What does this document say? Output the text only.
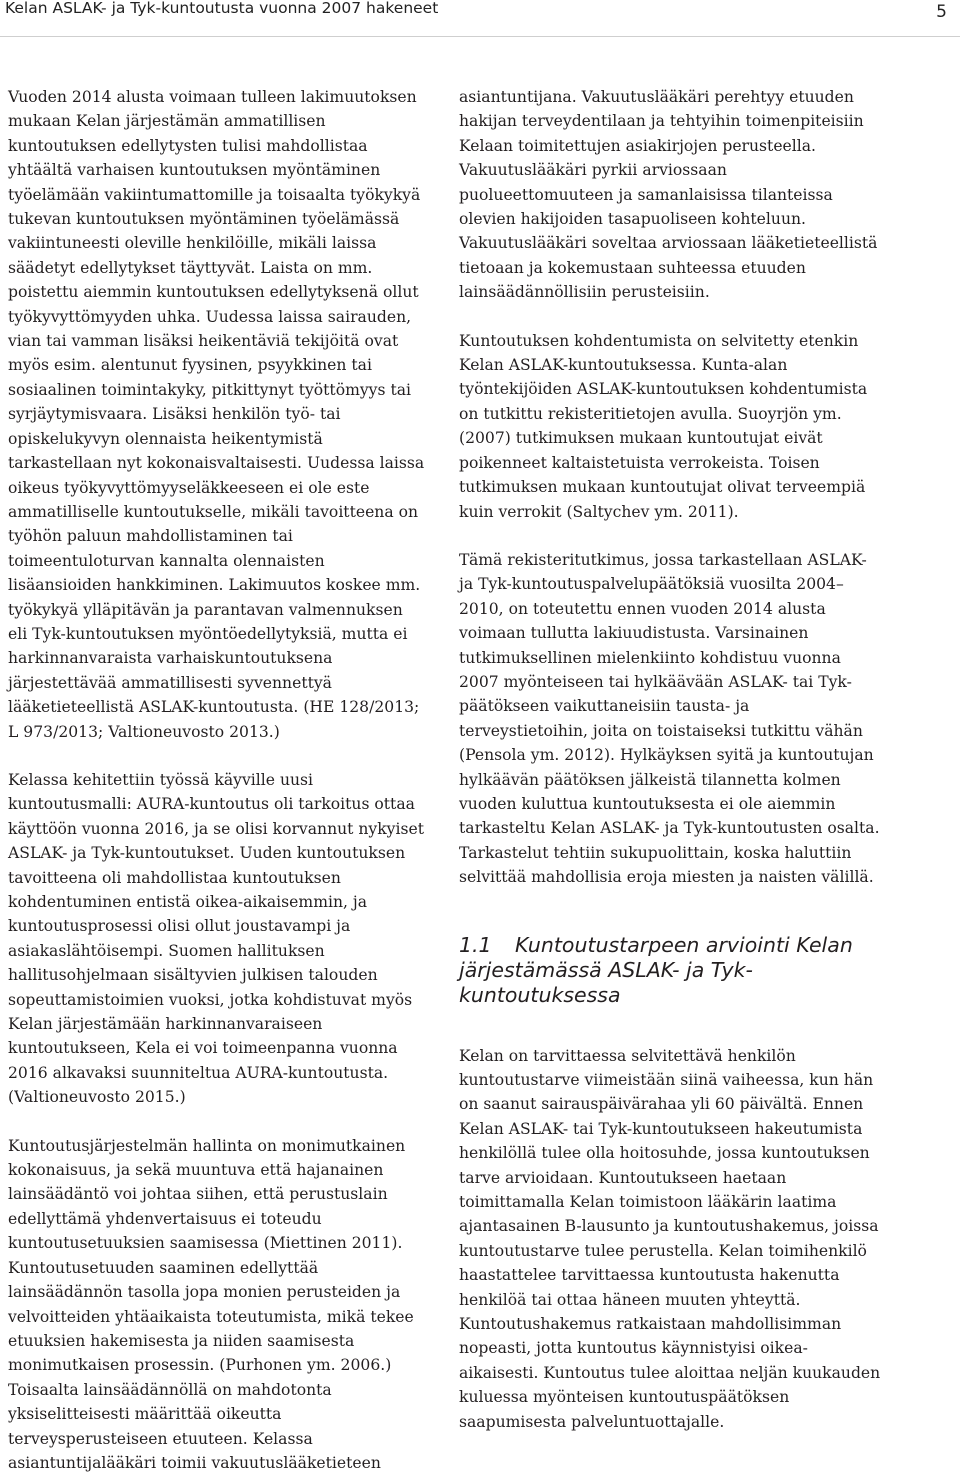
Kelan ASLAK- ja Tyk-kuntoutusta vuonna 2007 hakeneet	5

Vuoden 2014 alusta voimaan tulleen lakimuutoksen mukaan Kelan järjestämän ammatillisen kuntoutuksen edellytysten tulisi mahdollistaa yhtäältä varhaisen kuntoutuksen myöntäminen työelämään vakiintumattomille ja toisaalta työkykyä tukevan kuntoutuksen myöntäminen työelämässä vakiintuneesti oleville henkilöille, mikäli laissa säädetyt edellytykset täyttyvät. Laista on mm. poistettu aiemmin kuntoutuksen edellytyksenä ollut työkyvyttömyyden uhka. Uudessa laissa sairauden, vian tai vamman lisäksi heikentäviä tekijöitä ovat myös esim. alentunut fyysinen, psyykkinen tai sosiaalinen toimintakyky, pitkittynyt työttömyys tai syrjäytymisvaara. Lisäksi henkilön työ- tai opiskelukyvyn olennaista heikentymistä tarkastellaan nyt kokonaisvaltaisesti. Uudessa laissa oikeus työkyvyttömyyseläkkeeseen ei ole este ammatilliselle kuntoutukselle, mikäli tavoitteena on työhön paluun mahdollistaminen tai toimeentuloturvan kannalta olennaisten lisäansioiden hankkiminen. Lakimuutos koskee mm. työkykyä ylläpitävän ja parantavan valmennuksen eli Tyk-kuntoutuksen myöntöedellytyksiä, mutta ei harkinnanvaraista varhaiskuntoutuksena järjestettävää ammatillisesti syvennettyä lääketieteellistä ASLAK-kuntoutusta. (HE 128/2013; L 973/2013; Valtioneuvosto 2013.)

Kelassa kehitettiin työssä käyville uusi kuntoutusmalli: AURA-kuntoutus oli tarkoitus ottaa käyttöön vuonna 2016, ja se olisi korvannut nykyiset ASLAK- ja Tyk-kuntoutukset. Uuden kuntoutuksen tavoitteena oli mahdollistaa kuntoutuksen kohdentuminen entistä oikea-aikaisemmin, ja kuntoutusprosessi olisi ollut joustavampi ja asiakaslähtöisempi. Suomen hallituksen hallitusohjelmaan sisältyvien julkisen talouden sopeuttamistoimien vuoksi, jotka kohdistuvat myös Kelan järjestämään harkinnanvaraiseen kuntoutukseen, Kela ei voi toimeenpanna vuonna 2016 alkavaksi suunniteltua AURA-kuntoutusta. (Valtioneuvosto 2015.)

Kuntoutusjärjestelmän hallinta on monimutkainen kokonaisuus, ja sekä muuntuva että hajanainen lainsäädäntö voi johtaa siihen, että perustuslain edellyttämä yhdenvertaisuus ei toteudu kuntoutusetuuksien saamisessa (Miettinen 2011). Kuntoutusetuuden saaminen edellyttää lainsäädännön tasolla jopa monien perusteiden ja velvoitteiden yhtäaikaista toteutumista, mikä tekee etuuksien hakemisesta ja niiden saamisesta monimutkaisen prosessin. (Purhonen ym. 2006.) Toisaalta lainsäädännöllä on mahdotonta yksiselitteisesti määrittää oikeutta terveysperusteiseen etuuteen. Kelassa asiantuntijalääkäri toimii vakuutuslääketieteen

asiantuntijana. Vakuutuslääkäri perehtyy etuuden hakijan terveydentilaan ja tehtyihin toimenpiteisiin Kelaan toimitettujen asiakirjojen perusteella. Vakuutuslääkäri pyrkii arviossaan puolueettomuuteen ja samanlaisissa tilanteissa olevien hakijoiden tasapuoliseen kohteluun. Vakuutuslääkäri soveltaa arviossaan lääketieteellistä tietoaan ja kokemustaan suhteessa etuuden lainsäädännöllisiin perusteisiin.

Kuntoutuksen kohdentumista on selvitetty etenkin Kelan ASLAK-kuntoutuksessa. Kunta-alan työntekijöiden ASLAK-kuntoutuksen kohdentumista on tutkittu rekisteritietojen avulla. Suoyrjön ym. (2007) tutkimuksen mukaan kuntoutujat eivät poikenneet kaltaistetuista verrokeista. Toisen tutkimuksen mukaan kuntoutujat olivat terveempiä kuin verrokit (Saltychev ym. 2011).

Tämä rekisteritutkimus, jossa tarkastellaan ASLAK- ja Tyk-kuntoutuspalvelupäätöksiä vuosilta 2004–2010, on toteutettu ennen vuoden 2014 alusta voimaan tullutta lakiuudistusta. Varsinainen tutkimuksellinen mielenkiinto kohdistuu vuonna 2007 myönteiseen tai hylkäävään ASLAK- tai Tyk-päätökseen vaikuttaneisiin tausta- ja terveystietoihin, joita on toistaiseksi tutkittu vähän (Pensola ym. 2012). Hylkäyksen syitä ja kuntoutujan hylkäävän päätöksen jälkeistä tilannetta kolmen vuoden kuluttua kuntoutuksesta ei ole aiemmin tarkasteltu Kelan ASLAK- ja Tyk-kuntoutusten osalta. Tarkastelut tehtiin sukupuolittain, koska haluttiin selvittää mahdollisia eroja miesten ja naisten välillä.

1.1 Kuntoutustarpeen arviointi Kelan järjestämässä ASLAK- ja Tyk-kuntoutuksessa

Kelan on tarvittaessa selvitettävä henkilön kuntoutustarve viimeistään siinä vaiheessa, kun hän on saanut sairauspäivärahaa yli 60 päivältä. Ennen Kelan ASLAK- tai Tyk-kuntoutukseen hakeutumista henkilöllä tulee olla hoitosuhde, jossa kuntoutuksen tarve arvioidaan. Kuntoutukseen haetaan toimittamalla Kelan toimistoon lääkärin laatima ajantasainen B-lausunto ja kuntoutushakemus, joissa kuntoutustarve tulee perustella. Kelan toimihenkilö haastattelee tarvittaessa kuntoutusta hakenutta henkilöä tai ottaa häneen muuten yhteyttä. Kuntoutushakemus ratkaistaan mahdollisimman nopeasti, jotta kuntoutus käynnistyisi oikea-aikaisesti. Kuntoutus tulee aloittaa neljän kuukauden kuluessa myönteisen kuntoutuspäätöksen saapumisesta palveluntuottajalle.
